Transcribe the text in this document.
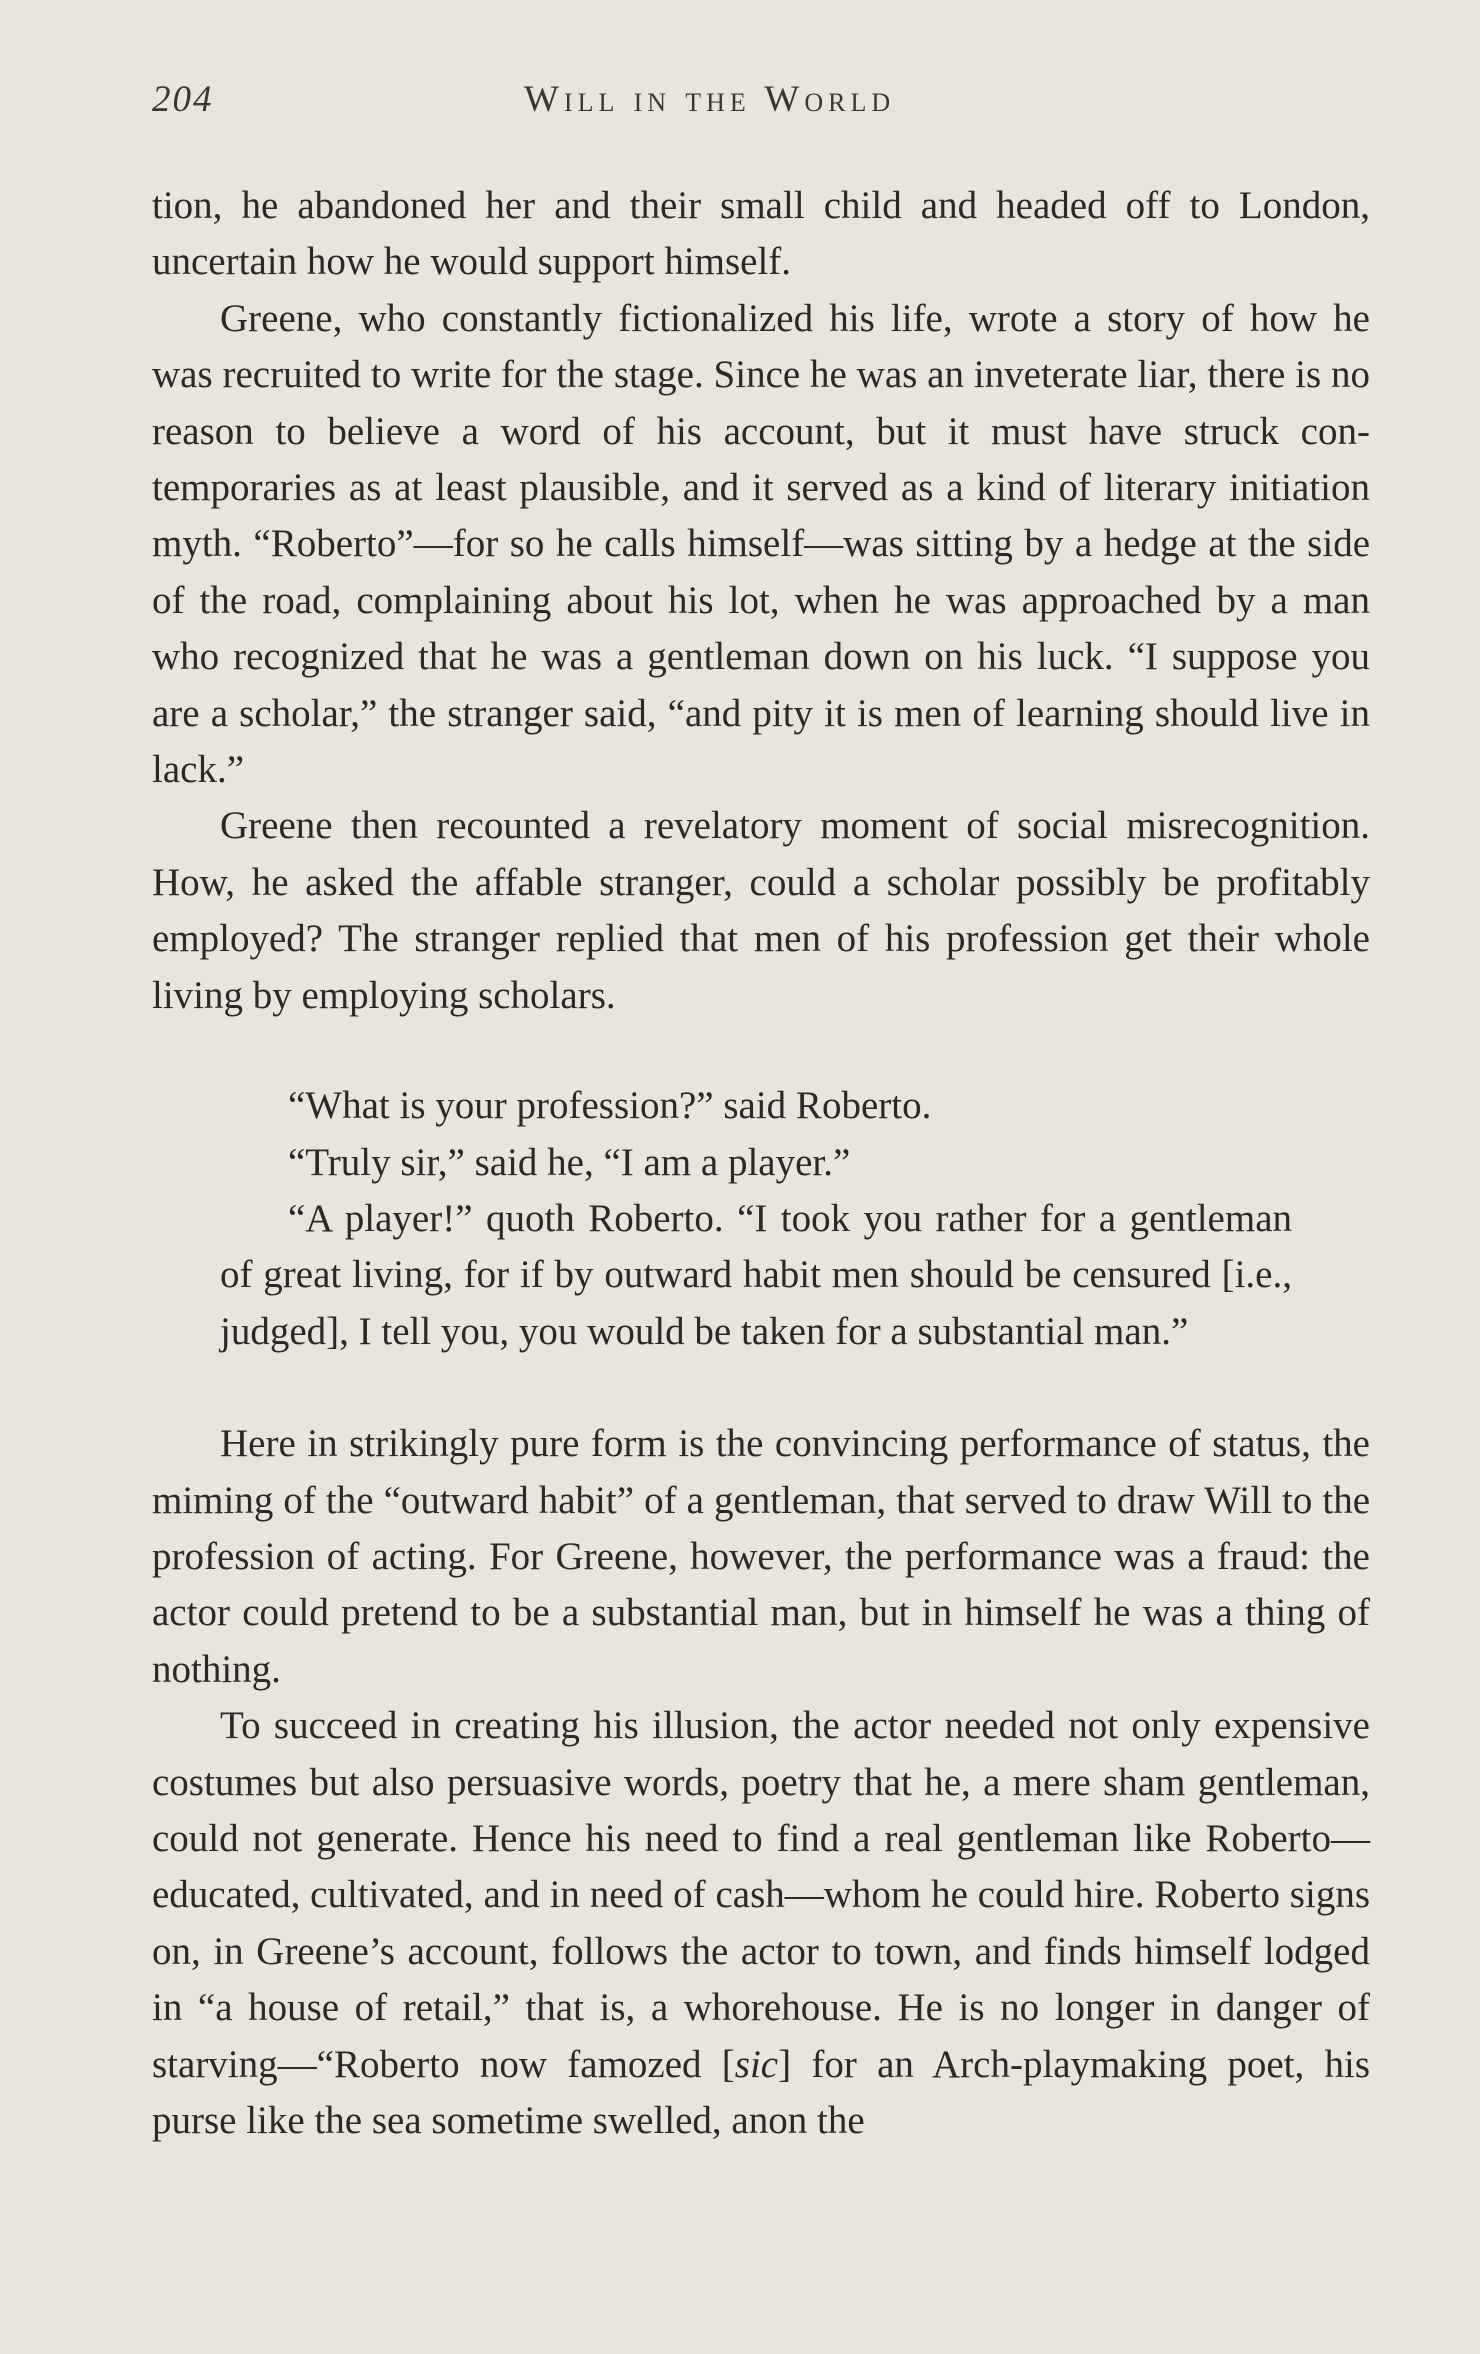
204	Will in the World

tion, he abandoned her and their small child and headed off to London, uncertain how he would support himself.

Greene, who constantly fictionalized his life, wrote a story of how he was recruited to write for the stage. Since he was an inveterate liar, there is no reason to believe a word of his account, but it must have struck contemporaries as at least plausible, and it served as a kind of literary initiation myth. “Roberto”—for so he calls himself—was sitting by a hedge at the side of the road, complaining about his lot, when he was approached by a man who recognized that he was a gentleman down on his luck. “I suppose you are a scholar,” the stranger said, “and pity it is men of learning should live in lack.”

Greene then recounted a revelatory moment of social misrecognition. How, he asked the affable stranger, could a scholar possibly be profitably employed? The stranger replied that men of his profession get their whole living by employing scholars.

“What is your profession?” said Roberto.

“Truly sir,” said he, “I am a player.”

“A player!” quoth Roberto. “I took you rather for a gentleman of great living, for if by outward habit men should be censured [i.e., judged], I tell you, you would be taken for a substantial man.”

Here in strikingly pure form is the convincing performance of status, the miming of the “outward habit” of a gentleman, that served to draw Will to the profession of acting. For Greene, however, the performance was a fraud: the actor could pretend to be a substantial man, but in himself he was a thing of nothing.

To succeed in creating his illusion, the actor needed not only expensive costumes but also persuasive words, poetry that he, a mere sham gentleman, could not generate. Hence his need to find a real gentleman like Roberto—educated, cultivated, and in need of cash—whom he could hire. Roberto signs on, in Greene’s account, follows the actor to town, and finds himself lodged in “a house of retail,” that is, a whorehouse. He is no longer in danger of starving—“Roberto now famozed [sic] for an Arch-playmaking poet, his purse like the sea sometime swelled, anon the
